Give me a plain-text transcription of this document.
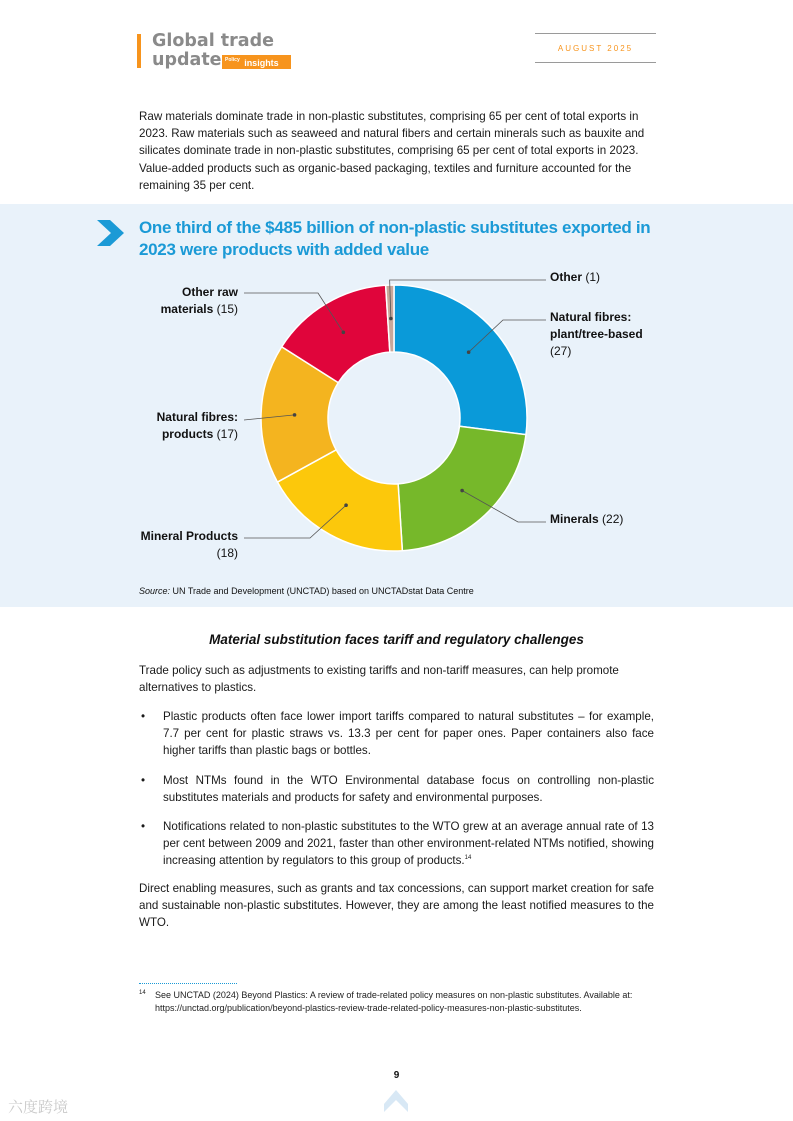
Global trade
update $^{Policy}$ insights
AUGUST 2025
Raw materials dominate trade in non-plastic substitutes, comprising 65 per cent of total exports in 2023. Raw materials such as seaweed and natural fibers and certain minerals such as bauxite and silicates dominate trade in non-plastic substitutes, comprising 65 per cent of total exports in 2023. Value-added products such as organic-based packaging, textiles and furniture accounted for the remaining 35 per cent.
One third of the $485 billion of non-plastic substitutes exported in 2023 were products with added value
Other (1)
Natural fibres:
plant/tree-based
(27)
Minerals (22)
Mineral Products
(18)
Natural fibres:
products (17)
Other raw
materials (15)
Source: UN Trade and Development (UNCTAD) based on UNCTADstat Data Centre
Material substitution faces tariff and regulatory challenges
Trade policy such as adjustments to existing tariffs and non-tariff measures, can help promote alternatives to plastics.
• Plastic products often face lower import tariffs compared to natural substitutes – for example, 7.7 per cent for plastic straws vs. 13.3 per cent for paper ones. Paper containers also face higher tariffs than plastic bags or bottles.
• Most NTMs found in the WTO Environmental database focus on controlling non-plastic substitutes materials and products for safety and environmental purposes.
• Notifications related to non-plastic substitutes to the WTO grew at an average annual rate of 13 per cent between 2009 and 2021, faster than other environment-related NTMs notified, showing increasing attention by regulators to this group of products.$^{14}$
Direct enabling measures, such as grants and tax concessions, can support market creation for safe and sustainable non-plastic substitutes. However, they are among the least notified measures to the WTO.
14	See UNCTAD (2024) Beyond Plastics: A review of trade-related policy measures on non-plastic substitutes. Available at: https://unctad.org/publication/beyond-plastics-review-trade-related-policy-measures-non-plastic-substitutes.
9
六度跨境
